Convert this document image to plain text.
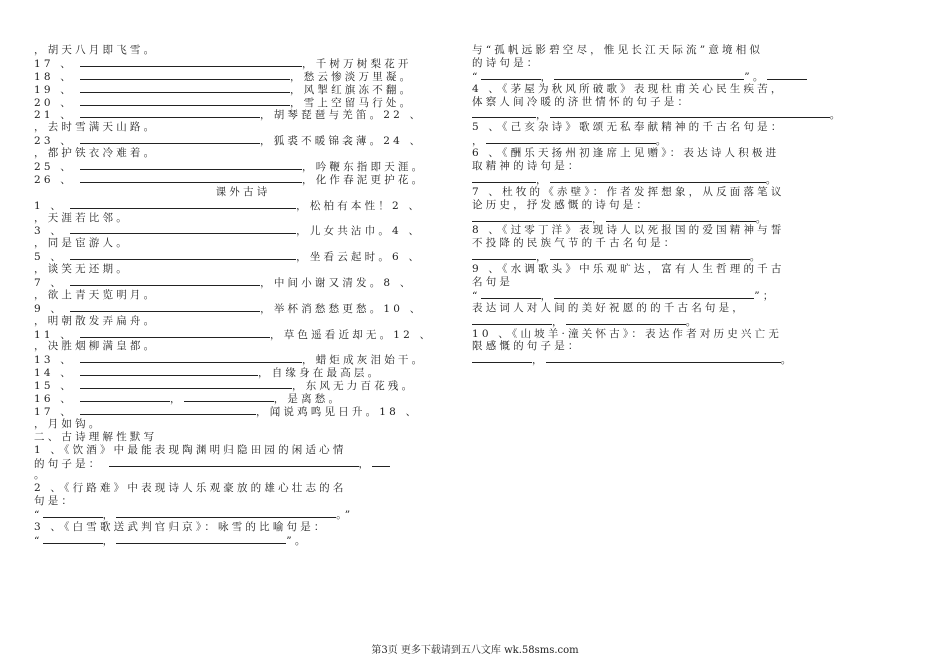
，胡天八月即飞雪。
17 、	，千树万树梨花开
18 、	，愁云惨淡万里凝。
19 、	，风掣红旗冻不翻。
20 、	，雪上空留马行处。
21 、	，胡琴琵琶与羌笛。22 、
，去时雪满天山路。
23 、	，狐裘不暖锦衾薄。24 、
，都护铁衣冷难着。
25 、	，吟鞭东指即天涯。
26 、	，化作春泥更护花。
课外古诗
1 、	，松柏有本性！2 、
，天涯若比邻。
3 、	，儿女共沾巾。4 、
，同是宦游人。
5 、	，坐看云起时。6 、
，谈笑无还期。
7 、	，中间小谢又清发。8 、
，欲上青天览明月。
9 、	，举杯消愁愁更愁。10 、
，明朝散发弄扁舟。
11 、	，草色遥看近却无。12 、
，决胜烟柳满皇都。
13 、	，蜡炬成灰泪始干。
14 、	，自缘身在最高层。
15 、	，东风无力百花残。
16 、	，	，是离愁。
17 、	，闻说鸡鸣见日升。18 、
，月如钩。
二、古诗理解性默写
1 、《饮酒》中最能表现陶渊明归隐田园的闲适心情
的句子是：	，
。
2 、《行路难》中表现诗人乐观豪放的雄心壮志的名
句是：
“	，	。”
3 、《白雪歌送武判官归京》：咏雪的比喻句是：
“	，	”。
与“孤帆远影碧空尽，惟见长江天际流”意境相似
的诗句是：
“	，	”。
4 、《茅屋为秋风所破歌》表现杜甫关心民生疾苦，
体察人间冷暖的济世情怀的句子是：
，	。
5 、《己亥杂诗》歌颂无私奉献精神的千古名句是：
，	。
6 、《酬乐天扬州初逢席上见赠》：表达诗人积极进
取精神的诗句是：
，	。
7 、杜牧的《赤壁》：作者发挥想象，从反面落笔议
论历史，抒发感慨的诗句是：
，	。
8 、《过零丁洋》表现诗人以死报国的爱国精神与誓
不投降的民族气节的千古名句是：
，	。
9 、《水调歌头》中乐观旷达，富有人生哲理的千古
名句是
“	，	”；
表达词人对人间的美好祝愿的的千古名句是，
，	。
10 、《山坡羊·潼关怀古》：表达作者对历史兴亡无
限感慨的句子是：
，	。
第3页 更多下载请到五八文库 wk.58sms.com
